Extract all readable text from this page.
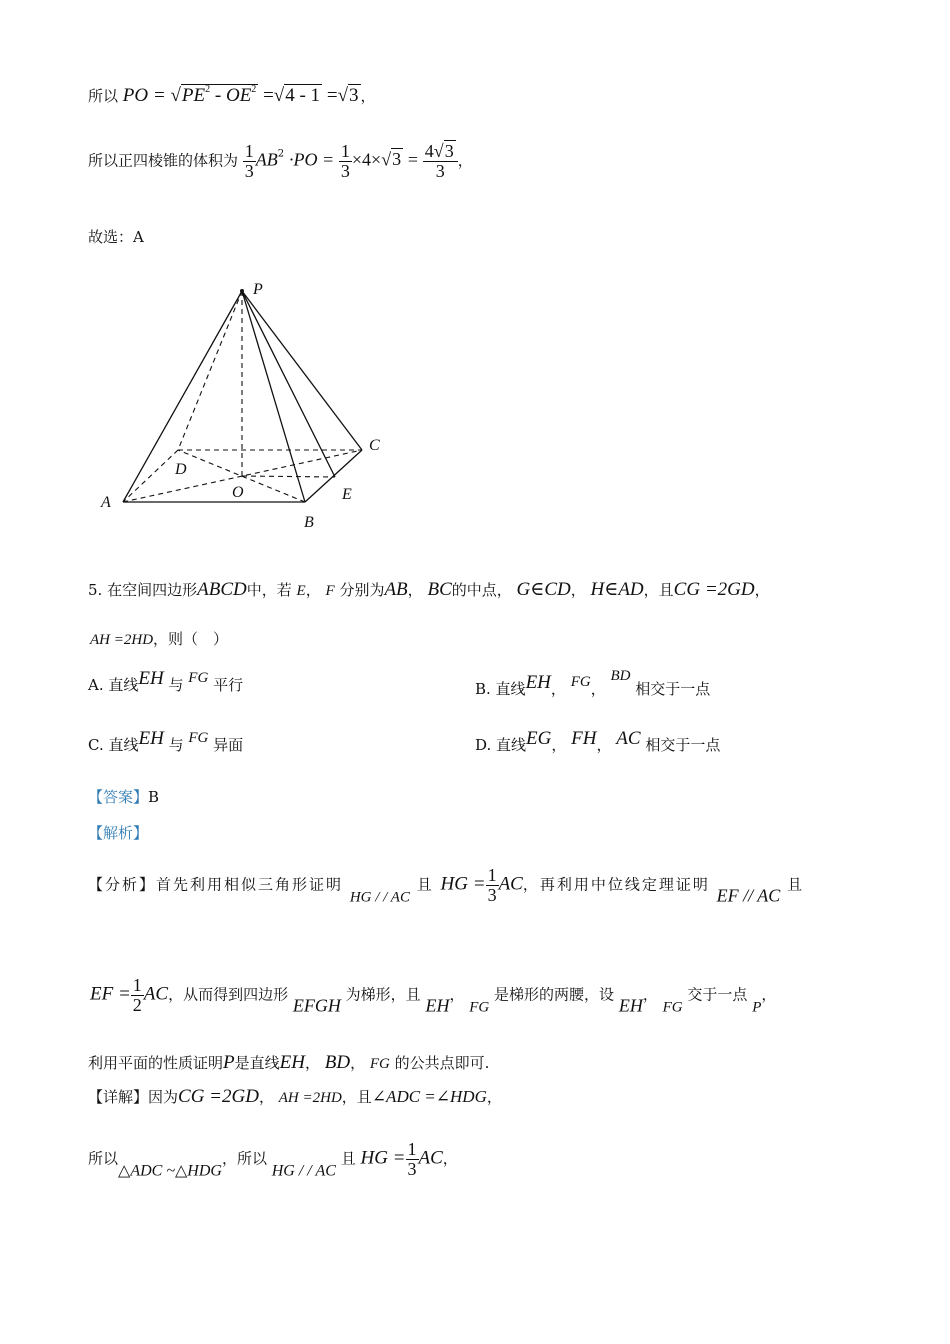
所以 PO = $√PE^2 - OE^2 =√4 - 1 =√3$ ，
所以正四棱锥的体积为 $\frac{1}{3} AB^2 \cdot PO = \frac{1}{3} \times 4\times√3 = \frac{4√3}{3}$ ，
故选：A
P
A
B
C
D
E
O
5. 在空间四边形ABCD中，若 E， F 分别为AB， BC的中点， G∈CD， H∈AD，且CG =2GD，
AH =2HD，则（　）
A. 直线EH 与 FG 平行	B. 直线EH， FG， BD 相交于一点
C. 直线EH 与 FG 异面	D. 直线EG， FH， AC 相交于一点
【答案】B
【解析】
【分析】首先利用相似三角形证明 HG / / AC 且 HG = $\frac{1}{3}$ AC，再利用中位线定理证明 EF // AC 且
EF = $\frac{1}{2}$ AC，从而得到四边形 EFGH 为梯形，且 EH， FG 是梯形的两腰，设 EH， FG 交于一点 P，
利用平面的性质证明P是直线EH， BD， FG 的公共点即可.
【详解】因为CG =2GD， AH =2HD，且∠ADC =∠HDG，
所以△ADC ~△HDG，所以 HG / / AC 且 HG = $\frac{1}{3}$ AC，
